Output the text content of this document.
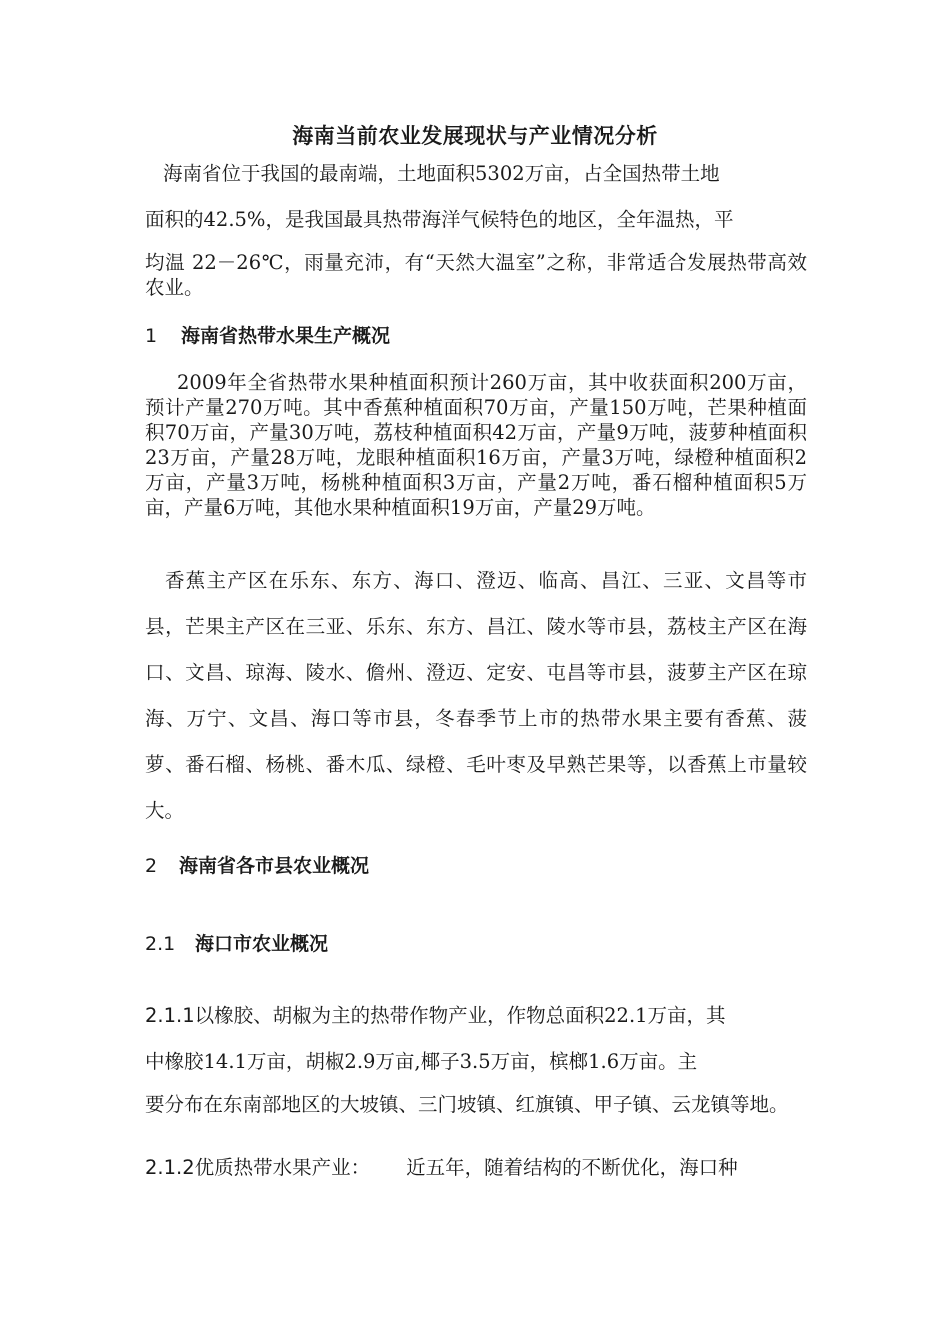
海南当前农业发展现状与产业情况分析
海南省位于我国的最南端，土地面积5302万亩，占全国热带土地
面积的42.5%，是我国最具热带海洋气候特色的地区，全年温热，平
均温 22－26℃，雨量充沛，有“天然大温室”之称，非常适合发展热带高效农业。
1 海南省热带水果生产概况
2009年全省热带水果种植面积预计260万亩，其中收获面积200万亩，预计产量270万吨。其中香蕉种植面积70万亩，产量150万吨，芒果种植面积70万亩，产量30万吨，荔枝种植面积42万亩，产量9万吨，菠萝种植面积23万亩，产量28万吨，龙眼种植面积16万亩，产量3万吨，绿橙种植面积2万亩，产量3万吨，杨桃种植面积3万亩，产量2万吨，番石榴种植面积5万亩，产量6万吨，其他水果种植面积19万亩，产量29万吨。
香蕉主产区在乐东、东方、海口、澄迈、临高、昌江、三亚、文昌等市县，芒果主产区在三亚、乐东、东方、昌江、陵水等市县，荔枝主产区在海口、文昌、琼海、陵水、儋州、澄迈、定安、屯昌等市县，菠萝主产区在琼海、万宁、文昌、海口等市县，冬春季节上市的热带水果主要有香蕉、菠萝、番石榴、杨桃、番木瓜、绿橙、毛叶枣及早熟芒果等，以香蕉上市量较大。
2 海南省各市县农业概况
2.1 海口市农业概况
2.1.1以橡胶、胡椒为主的热带作物产业，作物总面积22.1万亩，其
中橡胶14.1万亩，胡椒2.9万亩,椰子3.5万亩，槟榔1.6万亩。主
要分布在东南部地区的大坡镇、三门坡镇、红旗镇、甲子镇、云龙镇等地。
2.1.2优质热带水果产业： 近五年，随着结构的不断优化，海口种
